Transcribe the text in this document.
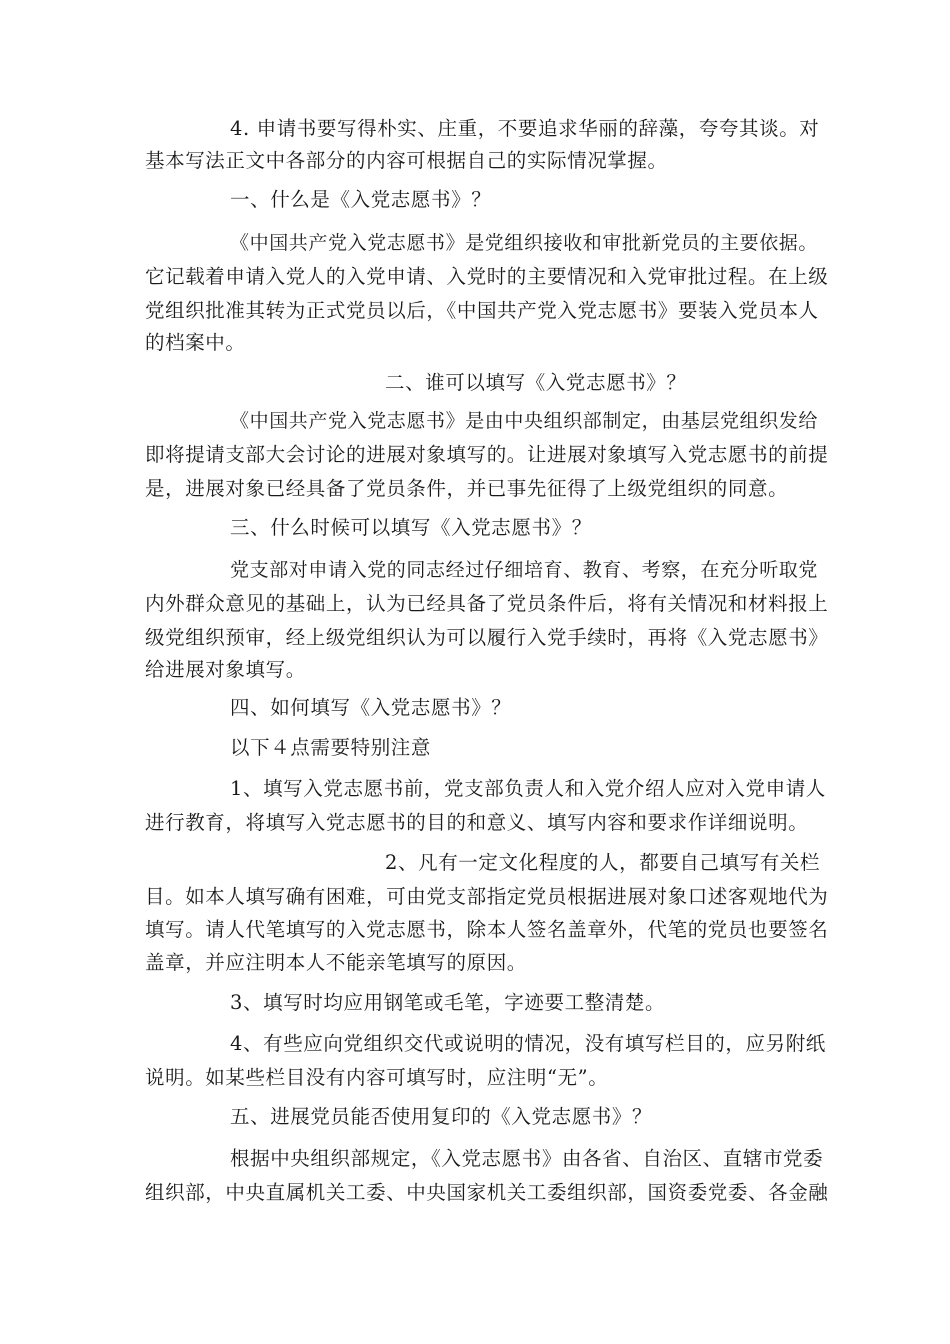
4. 申请书要写得朴实、庄重，不要追求华丽的辞藻，夸夸其谈。对
基本写法正文中各部分的内容可根据自己的实际情况掌握。
一、什么是《入党志愿书》？
《中国共产党入党志愿书》是党组织接收和审批新党员的主要依据。
它记载着申请入党人的入党申请、入党时的主要情况和入党审批过程。在上级
党组织批准其转为正式党员以后，《中国共产党入党志愿书》要装入党员本人
的档案中。
二、谁可以填写《入党志愿书》？
《中国共产党入党志愿书》是由中央组织部制定，由基层党组织发给
即将提请支部大会讨论的进展对象填写的。让进展对象填写入党志愿书的前提
是，进展对象已经具备了党员条件，并已事先征得了上级党组织的同意。
三、什么时候可以填写《入党志愿书》？
党支部对申请入党的同志经过仔细培育、教育、考察，在充分听取党
内外群众意见的基础上，认为已经具备了党员条件后，将有关情况和材料报上
级党组织预审，经上级党组织认为可以履行入党手续时，再将《入党志愿书》
给进展对象填写。
四、如何填写《入党志愿书》？
以下４点需要特别注意
1、填写入党志愿书前，党支部负责人和入党介绍人应对入党申请人
进行教育，将填写入党志愿书的目的和意义、填写内容和要求作详细说明。
2、凡有一定文化程度的人，都要自己填写有关栏
目。如本人填写确有困难，可由党支部指定党员根据进展对象口述客观地代为
填写。请人代笔填写的入党志愿书，除本人签名盖章外，代笔的党员也要签名
盖章，并应注明本人不能亲笔填写的原因。
3、填写时均应用钢笔或毛笔，字迹要工整清楚。
4、有些应向党组织交代或说明的情况，没有填写栏目的，应另附纸
说明。如某些栏目没有内容可填写时，应注明“无”。
五、进展党员能否使用复印的《入党志愿书》？
根据中央组织部规定，《入党志愿书》由各省、自治区、直辖市党委
组织部，中央直属机关工委、中央国家机关工委组织部，国资委党委、各金融
